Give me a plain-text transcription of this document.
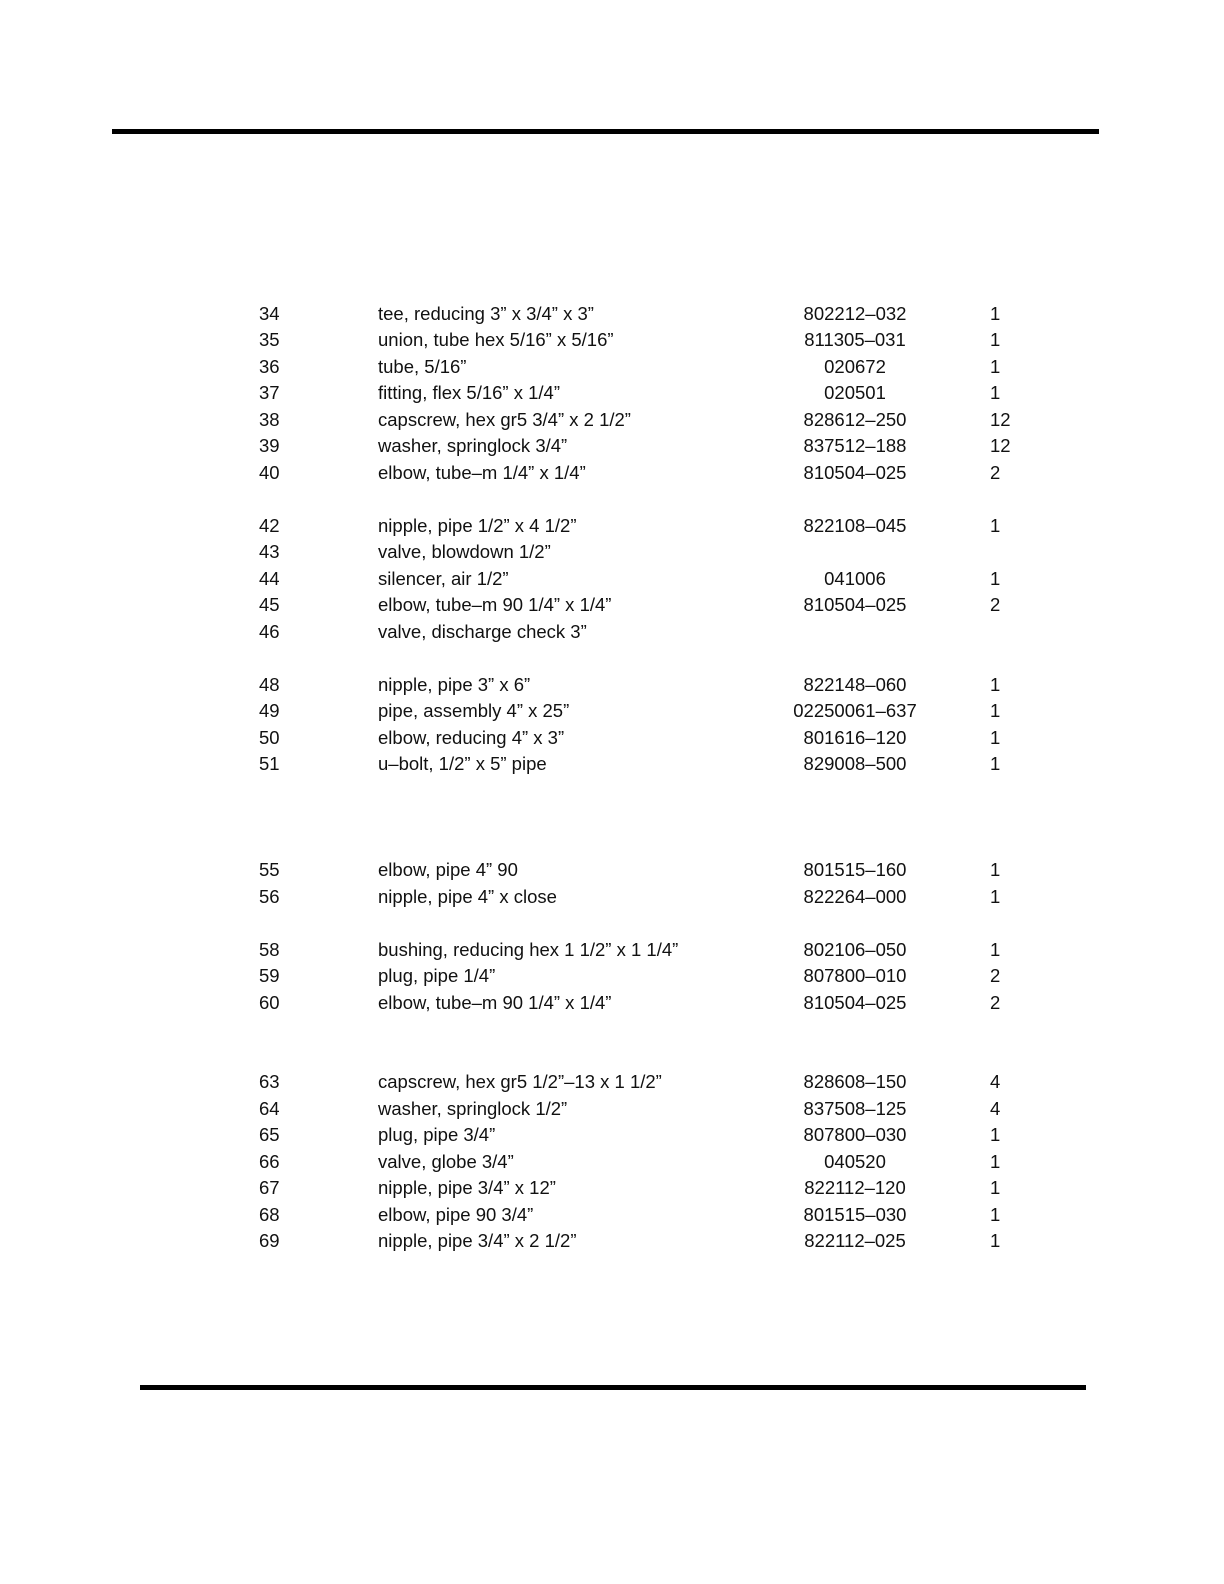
34	tee, reducing 3” x 3/4” x 3”	802212–032	1
35	union, tube hex 5/16” x 5/16”	811305–031	1
36	tube, 5/16”	020672	1
37	fitting, flex 5/16” x 1/4”	020501	1
38	capscrew, hex gr5 3/4” x 2 1/2”	828612–250	12
39	washer, springlock 3/4”	837512–188	12
40	elbow, tube–m 1/4” x 1/4”	810504–025	2
42	nipple, pipe 1/2” x 4 1/2”	822108–045	1
43	valve, blowdown 1/2”
44	silencer, air 1/2”	041006	1
45	elbow, tube–m 90 1/4” x 1/4”	810504–025	2
46	valve, discharge check 3”
48	nipple, pipe 3” x 6”	822148–060	1
49	pipe, assembly 4” x 25”	02250061–637	1
50	elbow, reducing 4” x 3”	801616–120	1
51	u–bolt, 1/2” x 5” pipe	829008–500	1
55	elbow, pipe 4” 90	801515–160	1
56	nipple, pipe 4” x close	822264–000	1
58	bushing, reducing hex 1 1/2” x 1 1/4”	802106–050	1
59	plug, pipe 1/4”	807800–010	2
60	elbow, tube–m 90 1/4” x 1/4”	810504–025	2
63	capscrew, hex gr5 1/2”–13 x 1 1/2”	828608–150	4
64	washer, springlock 1/2”	837508–125	4
65	plug, pipe 3/4”	807800–030	1
66	valve, globe 3/4”	040520	1
67	nipple, pipe 3/4” x 12”	822112–120	1
68	elbow, pipe 90 3/4”	801515–030	1
69	nipple, pipe 3/4” x 2 1/2”	822112–025	1
